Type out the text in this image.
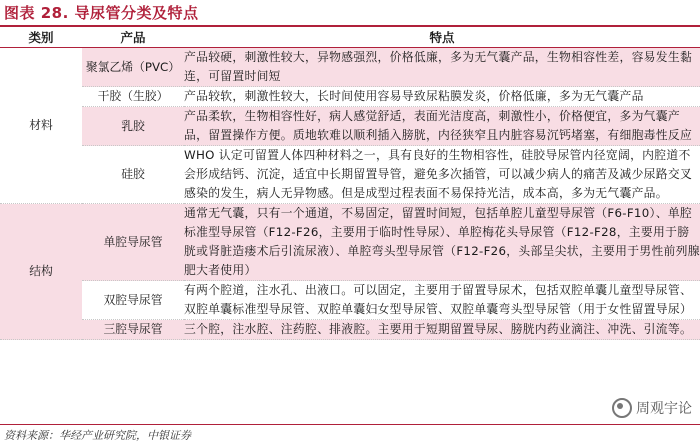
图表 28. 导尿管分类及特点
类别	产品	特点
材料	聚氯乙烯（PVC）	产品较硬，刺激性较大，异物感强烈，价格低廉，多为无气囊产品，生物相容性差，容易发生黏连，可留置时间短
	干胶（生胶）	产品较软，刺激性较大，长时间使用容易导致尿粘膜发炎，价格低廉，多为无气囊产品
	乳胶	产品柔软，生物相容性好，病人感觉舒适，表面光洁度高，刺激性小，价格便宜，多为气囊产品，留置操作方便。质地软难以顺利插入膀胱，内径狭窄且内脏容易沉钙堵塞，有细胞毒性反应
	硅胶	WHO 认定可留置人体四种材料之一，具有良好的生物相容性，硅胶导尿管内径宽阔，内腔道不会形成结钙、沉淀，适宜中长期留置导管，避免多次插管，可以减少病人的痛苦及减少尿路交叉感染的发生，病人无异物感。但是成型过程表面不易保持光洁，成本高，多为无气囊产品。
结构	单腔导尿管	通常无气囊，只有一个通道，不易固定，留置时间短，包括单腔儿童型导尿管（F6-F10）、单腔标准型导尿管（F12-F26，主要用于临时性导尿）、单腔梅花头导尿管（F12-F28，主要用于膀胱或肾脏造瘘术后引流尿液）、单腔弯头型导尿管（F12-F26，头部呈尖状，主要用于男性前列腺肥大者使用）
	双腔导尿管	有两个腔道，注水孔、出液口。可以固定，主要用于留置导尿术，包括双腔单囊儿童型导尿管、双腔单囊标准型导尿管、双腔单囊妇女型导尿管、双腔单囊弯头型导尿管（用于女性留置导尿）
	三腔导尿管	三个腔，注水腔、注药腔、排液腔。主要用于短期留置导尿、膀胱内药业滴注、冲洗、引流等。
资料来源：华经产业研究院，中银证券
周观宇论
